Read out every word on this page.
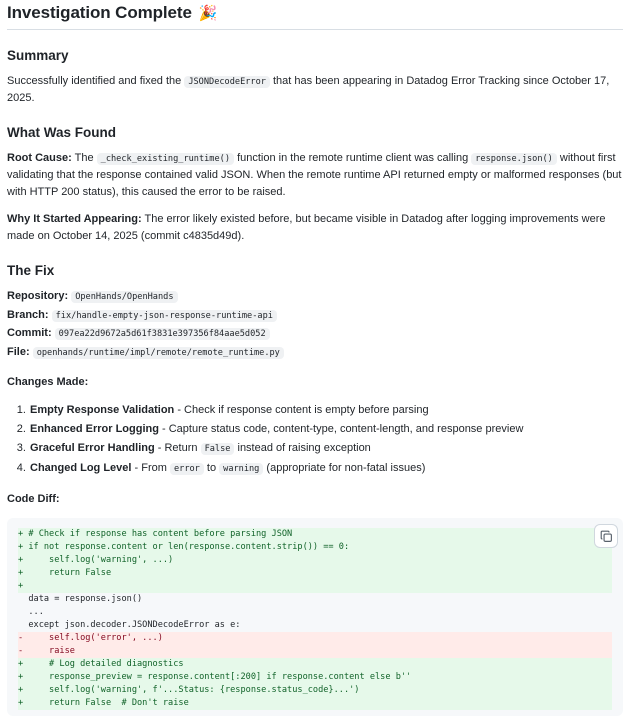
Investigation Complete 🎉
Summary

Successfully identified and fixed the JSONDecodeError that has been appearing in Datadog Error Tracking since October 17, 2025.

What Was Found

Root Cause: The _check_existing_runtime() function in the remote runtime client was calling response.json() without first validating that the response contained valid JSON. When the remote runtime API returned empty or malformed responses (but with HTTP 200 status), this caused the error to be raised.

Why It Started Appearing: The error likely existed before, but became visible in Datadog after logging improvements were made on October 14, 2025 (commit c4835d49d).

The Fix
Repository: OpenHands/OpenHands
Branch: fix/handle-empty-json-response-runtime-api
Commit: 097ea22d9672a5d61f3831e397356f84aae5d052
File: openhands/runtime/impl/remote/remote_runtime.py
Changes Made:
1. Empty Response Validation - Check if response content is empty before parsing
2. Enhanced Error Logging - Capture status code, content-type, content-length, and response preview
3. Graceful Error Handling - Return False instead of raising exception
4. Changed Log Level - From error to warning (appropriate for non-fatal issues)
Code Diff:
+ # Check if response has content before parsing JSON
+ if not response.content or len(response.content.strip()) == 0:
+     self.log('warning', ...)
+     return False
+
data = response.json()
...
except json.decoder.JSONDecodeError as e:
-     self.log('error', ...)
-     raise
+     # Log detailed diagnostics
+     response_preview = response.content[:200] if response.content else b''
+     self.log('warning', f'...Status: {response.status_code}...')
+     return False  # Don't raise
